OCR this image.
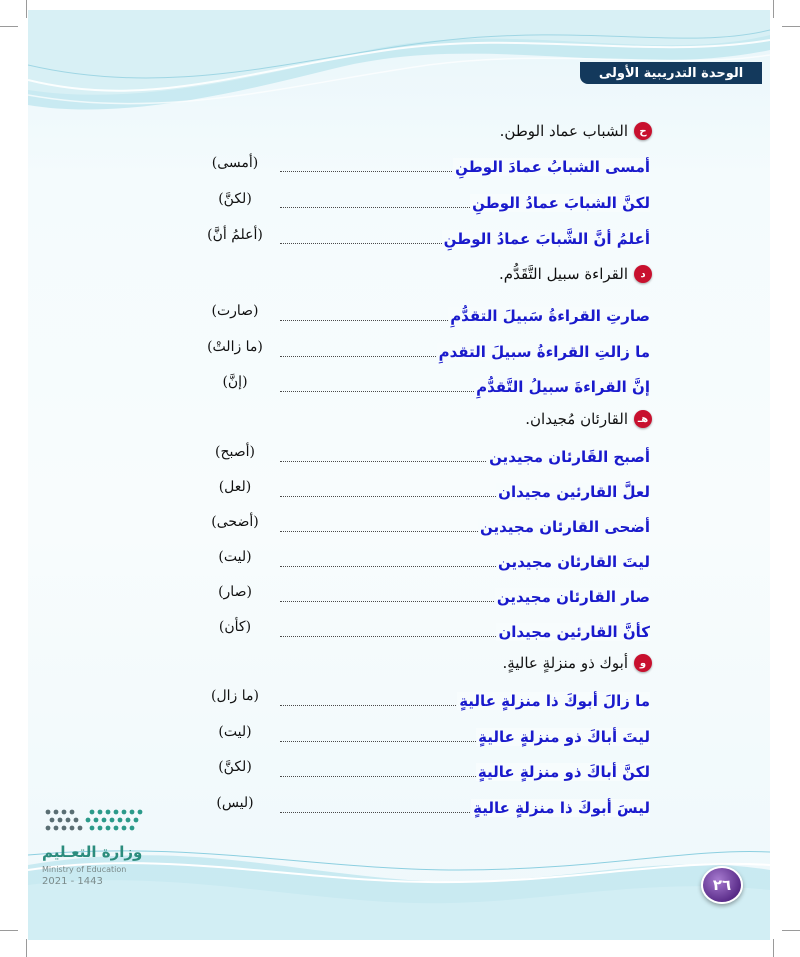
الوحدة التدريبية الأولى
ح
الشباب عماد الوطن.
أمسى الشبابُ عمادَ الوطنِ
(أمسى)
لكنَّ الشبابَ عمادُ الوطنِ
(لكنَّ)
أعلمُ أنَّ الشَّبابَ عمادُ الوطنِ
(أعلمُ أنَّ)
د
القراءة سبيل التَّقَدُّم.
صارتِ القراءةُ سَبيلَ التقدُّمِ
(صارت)
ما زالتِ القراءةُ سبيلَ التقدمِ
(ما زالتْ)
إنَّ القراءةَ سبيلُ التَّقدُّمِ
(إنَّ)
هـ
القارئان مُجيدان.
أصبح القَارئان مجيدين
(أصبح)
لعلَّ القارئين مجيدان
(لعل)
أضحى القارئان مجيدين
(أضحى)
ليتَ القارئان مجيدين
(ليت)
صار القارئان مجيدين
(صار)
كأنَّ القارئين مجيدان
(كأن)
و
أبوك ذو منزلةٍ عاليةٍ.
ما زالَ أبوكَ ذا منزلةٍ عاليةٍ
(ما زال)
ليتَ أباكَ ذو منزلةٍ عاليةٍ
(ليت)
لكنَّ أباكَ ذو منزلةٍ عاليةٍ
(لكنَّ)
ليسَ أبوكَ ذا منزلةٍ عاليةٍ
(ليس)
وزارة التعـليم
Ministry of Education
2021 - 1443	٢٦
